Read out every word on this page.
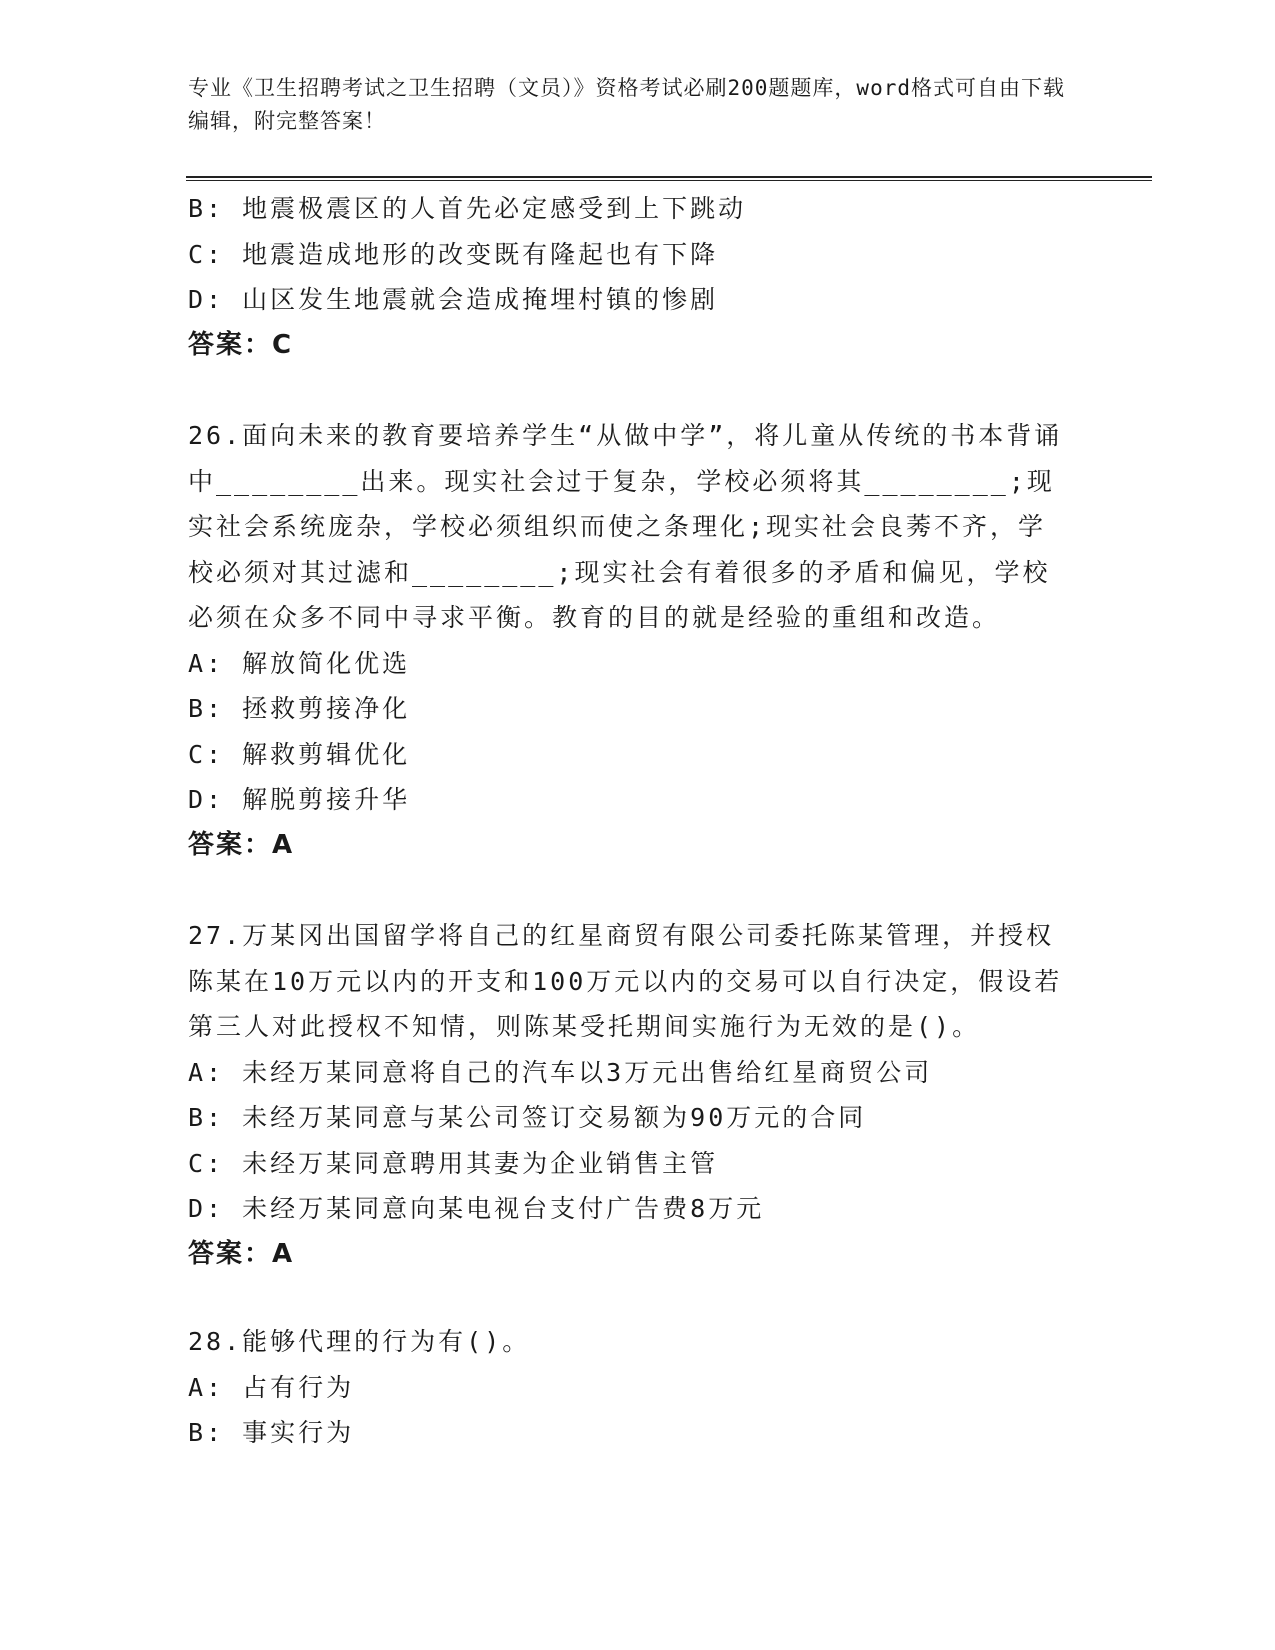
专业《卫生招聘考试之卫生招聘（文员）》资格考试必刷200题题库，word格式可自由下载编辑，附完整答案！
B: 地震极震区的人首先必定感受到上下跳动
C: 地震造成地形的改变既有隆起也有下降
D: 山区发生地震就会造成掩埋村镇的惨剧
答案：C
26.面向未来的教育要培养学生“从做中学”，将儿童从传统的书本背诵中________出来。现实社会过于复杂，学校必须将其________;现实社会系统庞杂，学校必须组织而使之条理化;现实社会良莠不齐，学校必须对其过滤和________;现实社会有着很多的矛盾和偏见，学校必须在众多不同中寻求平衡。教育的目的就是经验的重组和改造。
A: 解放简化优选
B: 拯救剪接净化
C: 解救剪辑优化
D: 解脱剪接升华
答案：A
27.万某冈出国留学将自己的红星商贸有限公司委托陈某管理，并授权陈某在10万元以内的开支和100万元以内的交易可以自行决定，假设若第三人对此授权不知情，则陈某受托期间实施行为无效的是()。
A: 未经万某同意将自己的汽车以3万元出售给红星商贸公司
B: 未经万某同意与某公司签订交易额为90万元的合同
C: 未经万某同意聘用其妻为企业销售主管
D: 未经万某同意向某电视台支付广告费8万元
答案：A
28.能够代理的行为有()。
A: 占有行为
B: 事实行为
